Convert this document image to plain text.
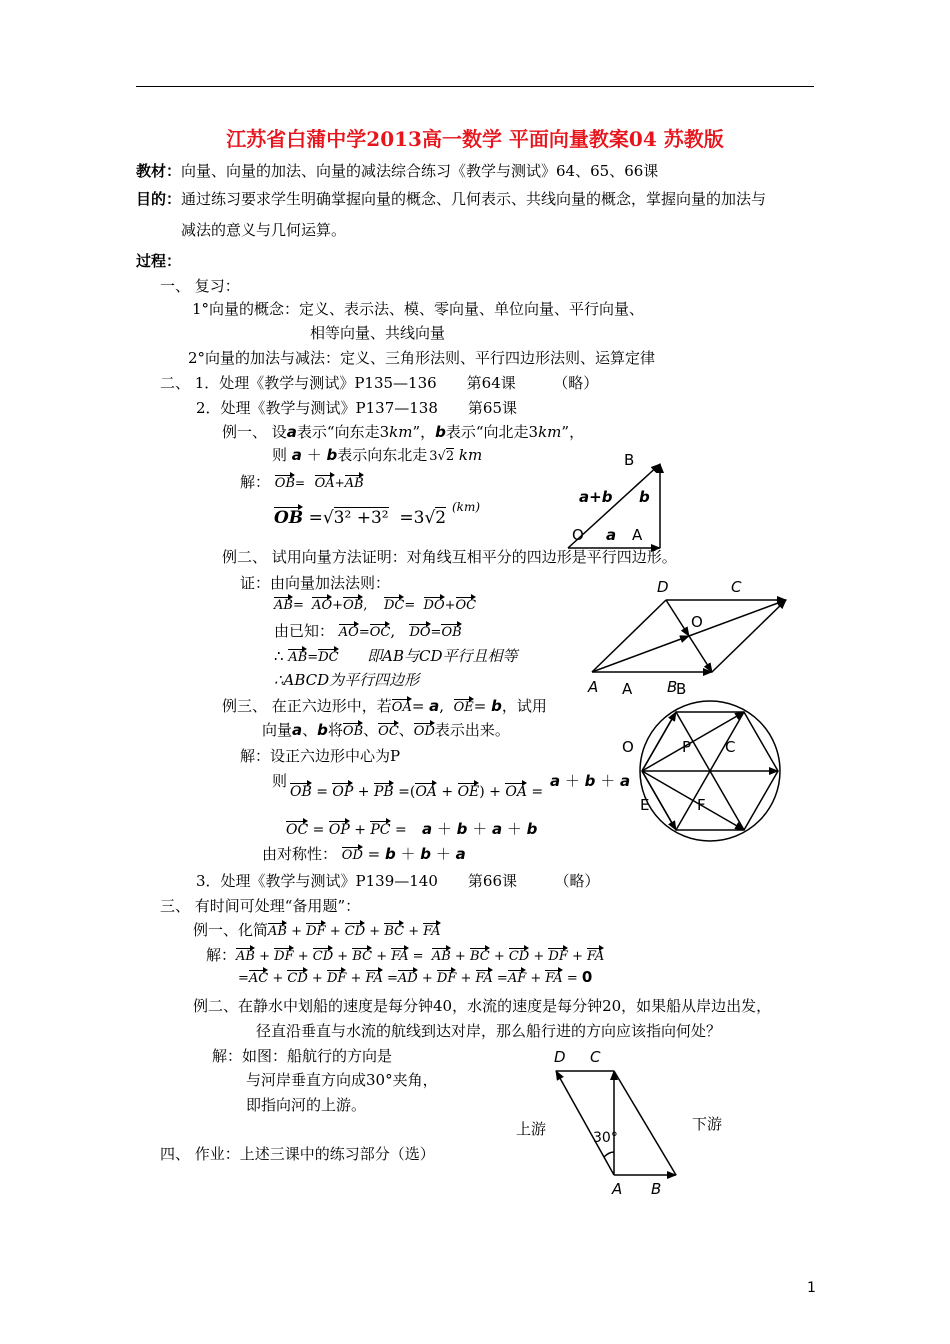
江苏省白蒲中学2013高一数学 平面向量教案04 苏教版
教材：向量、向量的加法、向量的减法综合练习《教学与测试》64、65、66课
目的：通过练习要求学生明确掌握向量的概念、几何表示、共线向量的概念，掌握向量的加法与
减法的意义与几何运算。
过程：
一、 复习：
1°向量的概念：定义、表示法、模、零向量、单位向量、平行向量、
相等向量、共线向量
2°向量的加法与减法：定义、三角形法则、平行四边形法则、运算定律
二、 1．处理《教学与测试》P135—136　　第64课　　　（略）
2．处理《教学与测试》P137—138　　第65课
例一、 设a表示“向东走3km”，b表示“向北走3km”，
则 a ＋ b表示向东北走 3√2 km
解： OB= OA+AB
OB =√3² +3²  =3√2
(km)
例二、 试用向量方法证明：对角线互相平分的四边形是平行四边形。
证：由向量加法法则：
AB=  AO+OB,    DC=  DO+OC
由已知： AO=OC,   DO=OB
∴ AB=DC 即AB与CD平行且相等
∴ABCD为平行四边形
例三、 在正六边形中，若OA= a,  OE= b，试用
向量a、b将OB、OC、OD表示出来。
解：设正六边形中心为P
则
OB = OP + PB =(OA + OE) + OA =
a ＋ b ＋ a
OC = OP + PC = a ＋ b ＋ a ＋ b
由对称性： OD = b ＋ b ＋ a
3．处理《教学与测试》P139—140　　第66课　　　（略）
三、 有时间可处理“备用题”：
例一、化简AB + DF + CD + BC + FA
解：AB + DF + CD + BC + FA =  AB + BC + CD + DF + FA
=AC + CD + DF + FA =AD + DF + FA =AF + FA = 0
例二、在静水中划船的速度是每分钟40，水流的速度是每分钟20，如果船从岸边出发，
径直沿垂直与水流的航线到达对岸，那么船行进的方向应该指向何处？
解：如图：船航行的方向是
与河岸垂直方向成30°夹角，
即指向河的上游。
四、 作业：上述三课中的练习部分（选）
1
B
a+b b
O a A
D	C
O
A A B
B
O	P C
E	F
D C
上游	下游
30°
A B
